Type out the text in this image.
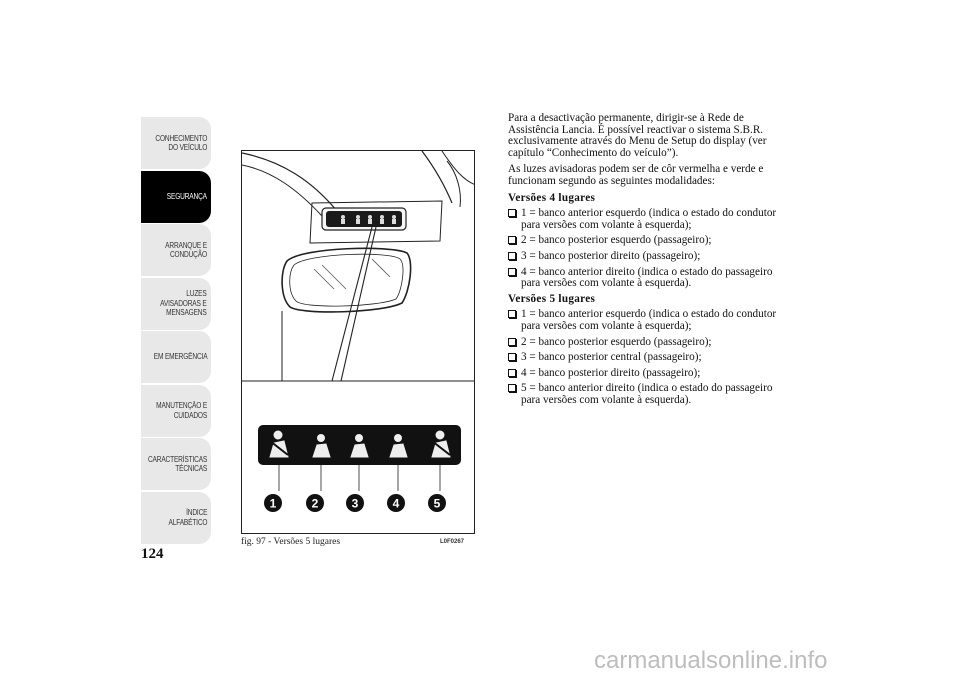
CONHECIMENTO
DO VEÍCULO
SEGURANÇA
ARRANQUE E
CONDUÇÃO
LUZES
AVISADORAS E
MENSAGENS
EM EMERGÊNCIA
MANUTENÇÃO E
CUIDADOS
CARACTERÍSTICAS
TÉCNICAS
ÍNDICE
ALFABÉTICO
124
1	2	3	4	5
fig. 97 - Versões 5 lugares	L0F0267

Para a desactivação permanente, dirigir-se à Rede de Assistência Lancia. É possível reactivar o sistema S.B.R. exclusivamente através do Menu de Setup do display (ver capítulo “Conhecimento do veículo”).

As luzes avisadoras podem ser de côr vermelha e verde e funcionam segundo as seguintes modalidades:

Versões 4 lugares
1 = banco anterior esquerdo (indica o estado do condutor para versões com volante à esquerda);
2 = banco posterior esquerdo (passageiro);
3 = banco posterior direito (passageiro);
4 = banco anterior direito (indica o estado do passageiro para versões com volante à esquerda).
Versões 5 lugares
1 = banco anterior esquerdo (indica o estado do condutor para versões com volante à esquerda);
2 = banco posterior esquerdo (passageiro);
3 = banco posterior central (passageiro);
4 = banco posterior direito (passageiro);
5 = banco anterior direito (indica o estado do passageiro para versões com volante à esquerda).
carmanualsonline.info
